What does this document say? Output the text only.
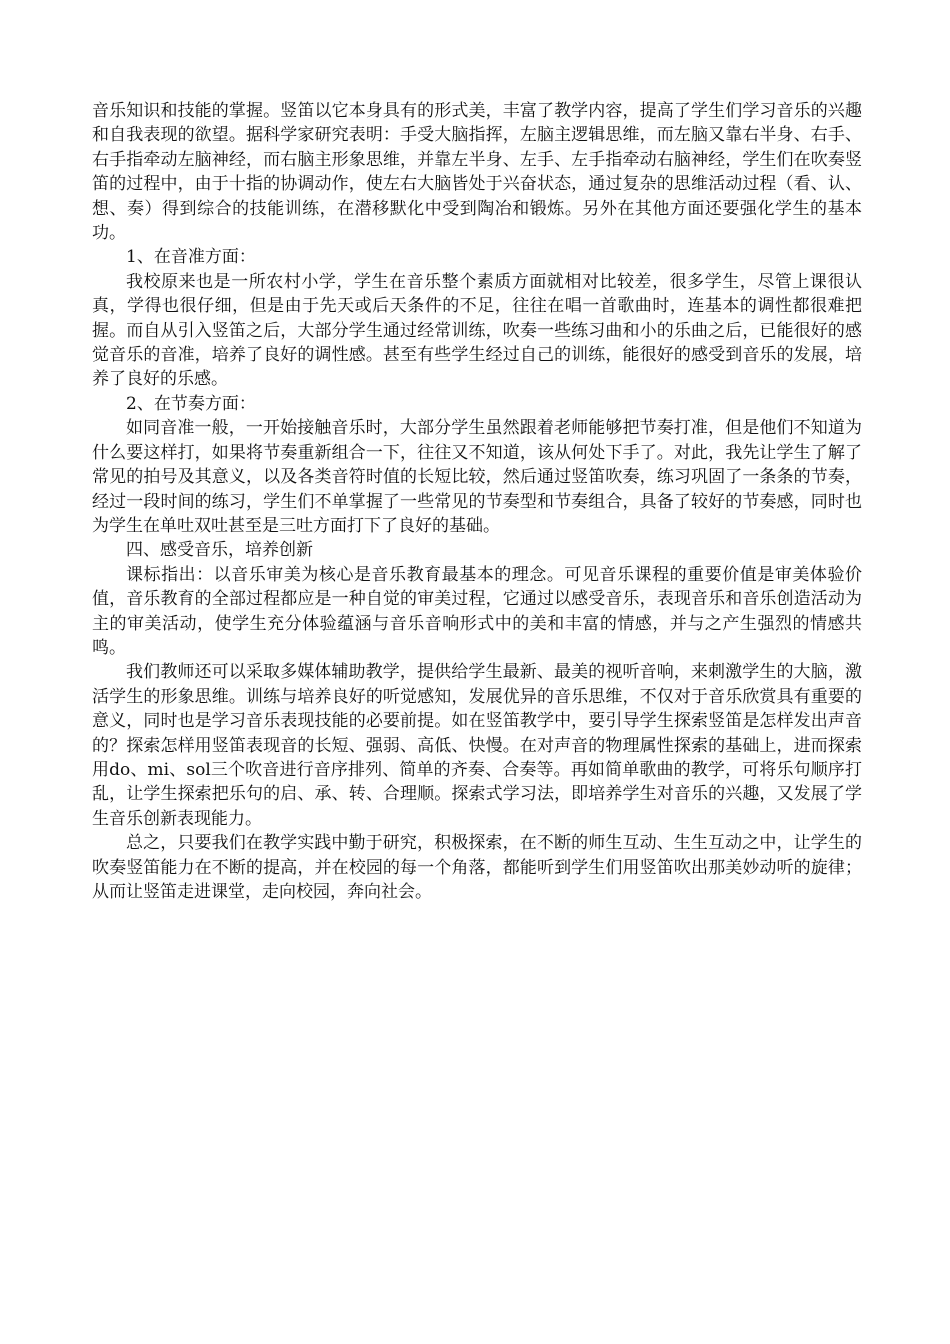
音乐知识和技能的掌握。竖笛以它本身具有的形式美，丰富了教学内容，提高了学生们学习音乐的兴趣和自我表现的欲望。据科学家研究表明：手受大脑指挥，左脑主逻辑思维，而左脑又靠右半身、右手、右手指牵动左脑神经，而右脑主形象思维，并靠左半身、左手、左手指牵动右脑神经，学生们在吹奏竖笛的过程中，由于十指的协调动作，使左右大脑皆处于兴奋状态，通过复杂的思维活动过程（看、认、想、奏）得到综合的技能训练，在潜移默化中受到陶冶和锻炼。另外在其他方面还要强化学生的基本功。

1、在音准方面：

我校原来也是一所农村小学，学生在音乐整个素质方面就相对比较差，很多学生，尽管上课很认真，学得也很仔细，但是由于先天或后天条件的不足，往往在唱一首歌曲时，连基本的调性都很难把握。而自从引入竖笛之后，大部分学生通过经常训练，吹奏一些练习曲和小的乐曲之后，已能很好的感觉音乐的音准，培养了良好的调性感。甚至有些学生经过自己的训练，能很好的感受到音乐的发展，培养了良好的乐感。

2、在节奏方面：

如同音准一般，一开始接触音乐时，大部分学生虽然跟着老师能够把节奏打准，但是他们不知道为什么要这样打，如果将节奏重新组合一下，往往又不知道，该从何处下手了。对此，我先让学生了解了常见的拍号及其意义，以及各类音符时值的长短比较，然后通过竖笛吹奏，练习巩固了一条条的节奏，经过一段时间的练习，学生们不单掌握了一些常见的节奏型和节奏组合，具备了较好的节奏感，同时也为学生在单吐双吐甚至是三吐方面打下了良好的基础。

四、感受音乐，培养创新

课标指出：以音乐审美为核心是音乐教育最基本的理念。可见音乐课程的重要价值是审美体验价值，音乐教育的全部过程都应是一种自觉的审美过程，它通过以感受音乐，表现音乐和音乐创造活动为主的审美活动，使学生充分体验蕴涵与音乐音响形式中的美和丰富的情感，并与之产生强烈的情感共鸣。

我们教师还可以采取多媒体辅助教学，提供给学生最新、最美的视听音响，来刺激学生的大脑，激活学生的形象思维。训练与培养良好的听觉感知，发展优异的音乐思维，不仅对于音乐欣赏具有重要的意义，同时也是学习音乐表现技能的必要前提。如在竖笛教学中，要引导学生探索竖笛是怎样发出声音的？探索怎样用竖笛表现音的长短、强弱、高低、快慢。在对声音的物理属性探索的基础上，进而探索用do、mi、sol三个吹音进行音序排列、简单的齐奏、合奏等。再如简单歌曲的教学，可将乐句顺序打乱，让学生探索把乐句的启、承、转、合理顺。探索式学习法，即培养学生对音乐的兴趣，又发展了学生音乐创新表现能力。

总之，只要我们在教学实践中勤于研究，积极探索，在不断的师生互动、生生互动之中，让学生的吹奏竖笛能力在不断的提高，并在校园的每一个角落，都能听到学生们用竖笛吹出那美妙动听的旋律；从而让竖笛走进课堂，走向校园，奔向社会。
